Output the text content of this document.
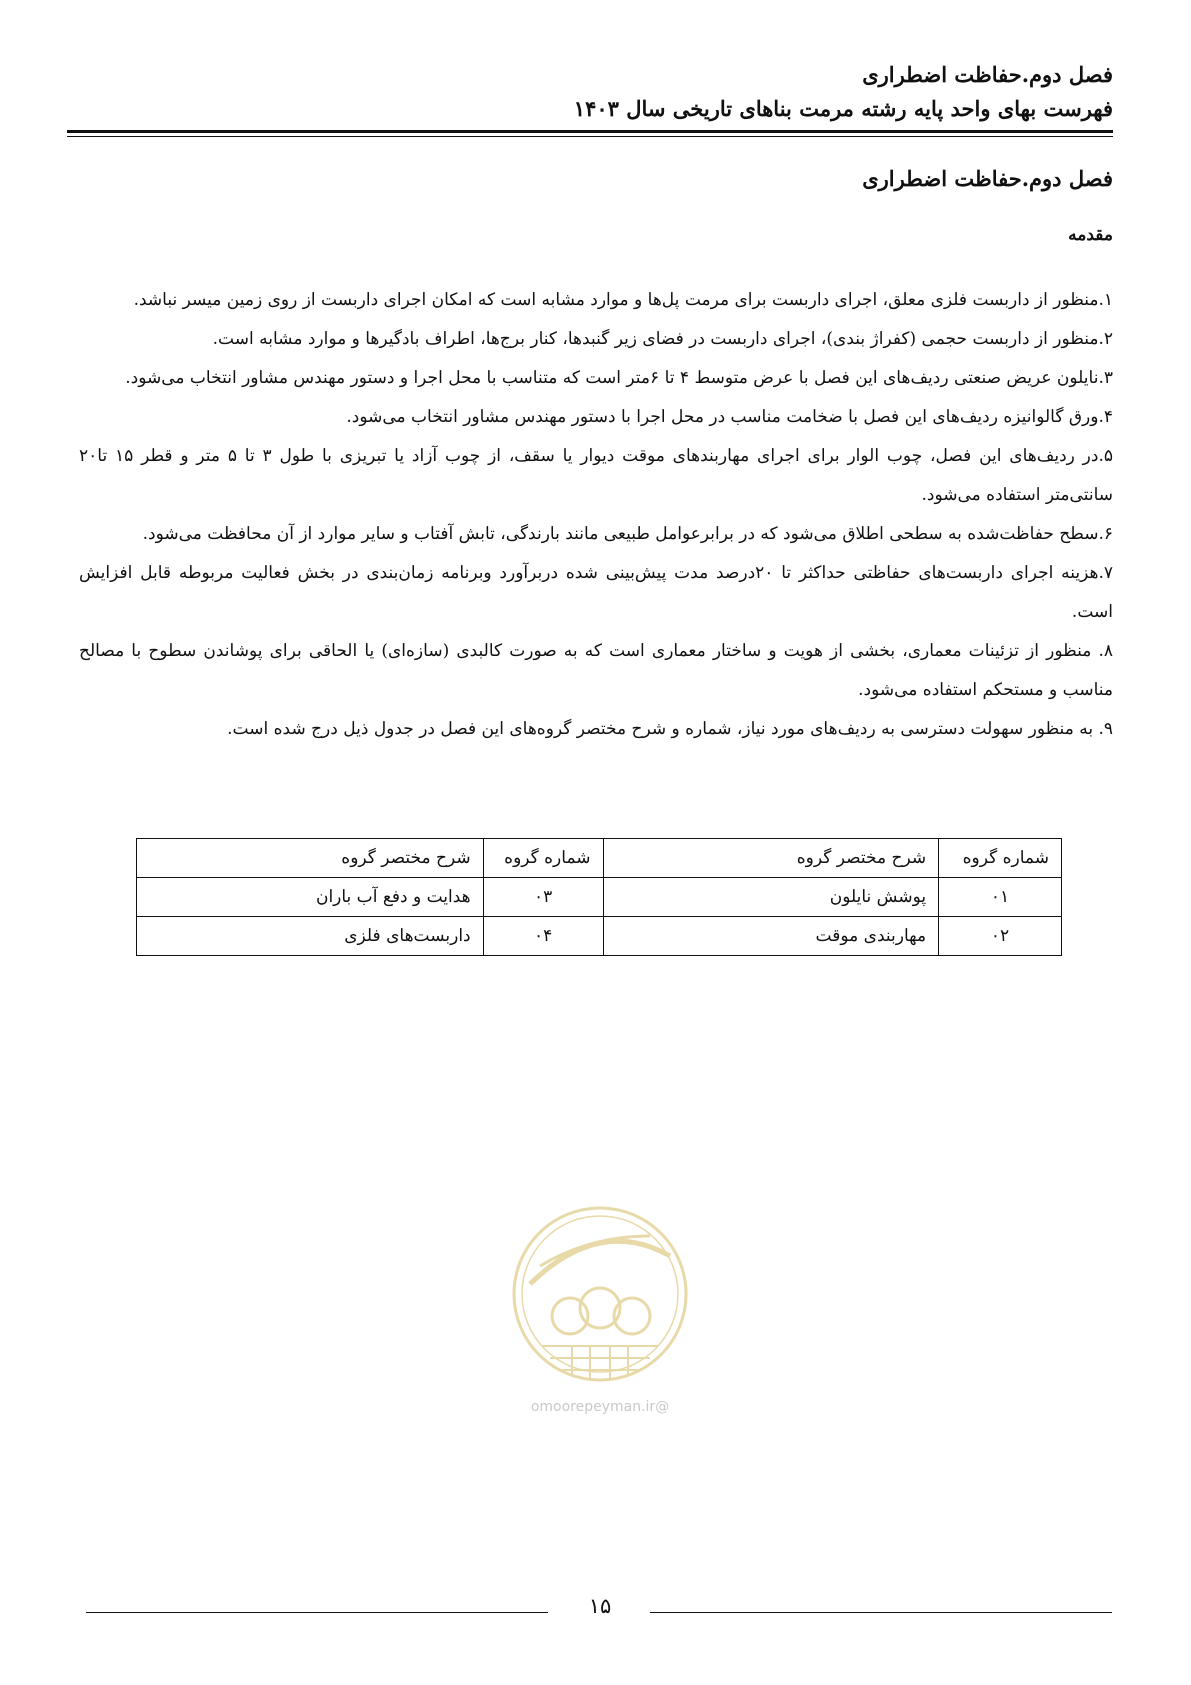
فصل دوم.حفاظت اضطراری
فهرست بهای واحد پایه رشته مرمت بناهای تاریخی سال ۱۴۰۳
فصل دوم.حفاظت اضطراری
مقدمه

۱.منظور از داربست فلزی معلق، اجرای داربست برای مرمت پل‌ها و موارد مشابه است که امکان اجرای داربست از روی زمین میسر نباشد.

۲.منظور از داربست حجمی (کفراژ بندی)، اجرای داربست در فضای زیر گنبدها، کنار برج‌ها، اطراف بادگیرها و موارد مشابه است.

۳.نایلون عریض صنعتی ردیف‌های این فصل با عرض متوسط ۴ تا ۶متر است که متناسب با محل اجرا و دستور مهندس مشاور انتخاب می‌شود.

۴.ورق گالوانیزه ردیف‌های این فصل با ضخامت مناسب در محل اجرا با دستور مهندس مشاور انتخاب می‌شود.

۵.در ردیف‌های این فصل، چوب الوار برای اجرای مهاربندهای موقت دیوار یا سقف، از چوب آزاد یا تبریزی با طول ۳ تا ۵ متر و قطر ۱۵ تا۲۰ سانتی‌متر استفاده می‌شود.

۶.سطح حفاظت‌شده به سطحی اطلاق می‌شود که در برابرعوامل طبیعی مانند بارندگی، تابش آفتاب و سایر موارد از آن محافظت می‌شود.

۷.هزینه اجرای داربست‌های حفاظتی حداکثر تا ۲۰درصد مدت پیش‌بینی شده دربرآورد وبرنامه زمان‌بندی در بخش فعالیت مربوطه قابل افزایش است.

۸. منظور از تزئینات معماری، بخشی از هویت و ساختار معماری است که به صورت کالبدی (سازه‌ای) یا الحاقی برای پوشاندن سطوح با مصالح مناسب و مستحکم استفاده می‌شود.

۹. به منظور سهولت دسترسی به ردیف‌های مورد نیاز، شماره و شرح مختصر گروه‌های این فصل در جدول ذیل درج شده است.

شماره گروه	شرح مختصر گروه	شماره گروه	شرح مختصر گروه
۰۱	پوشش نایلون	۰۳	هدایت و دفع آب باران
۰۲	مهاربندی موقت	۰۴	داربست‌های فلزی
@omoorepeyman.ir
۱۵
